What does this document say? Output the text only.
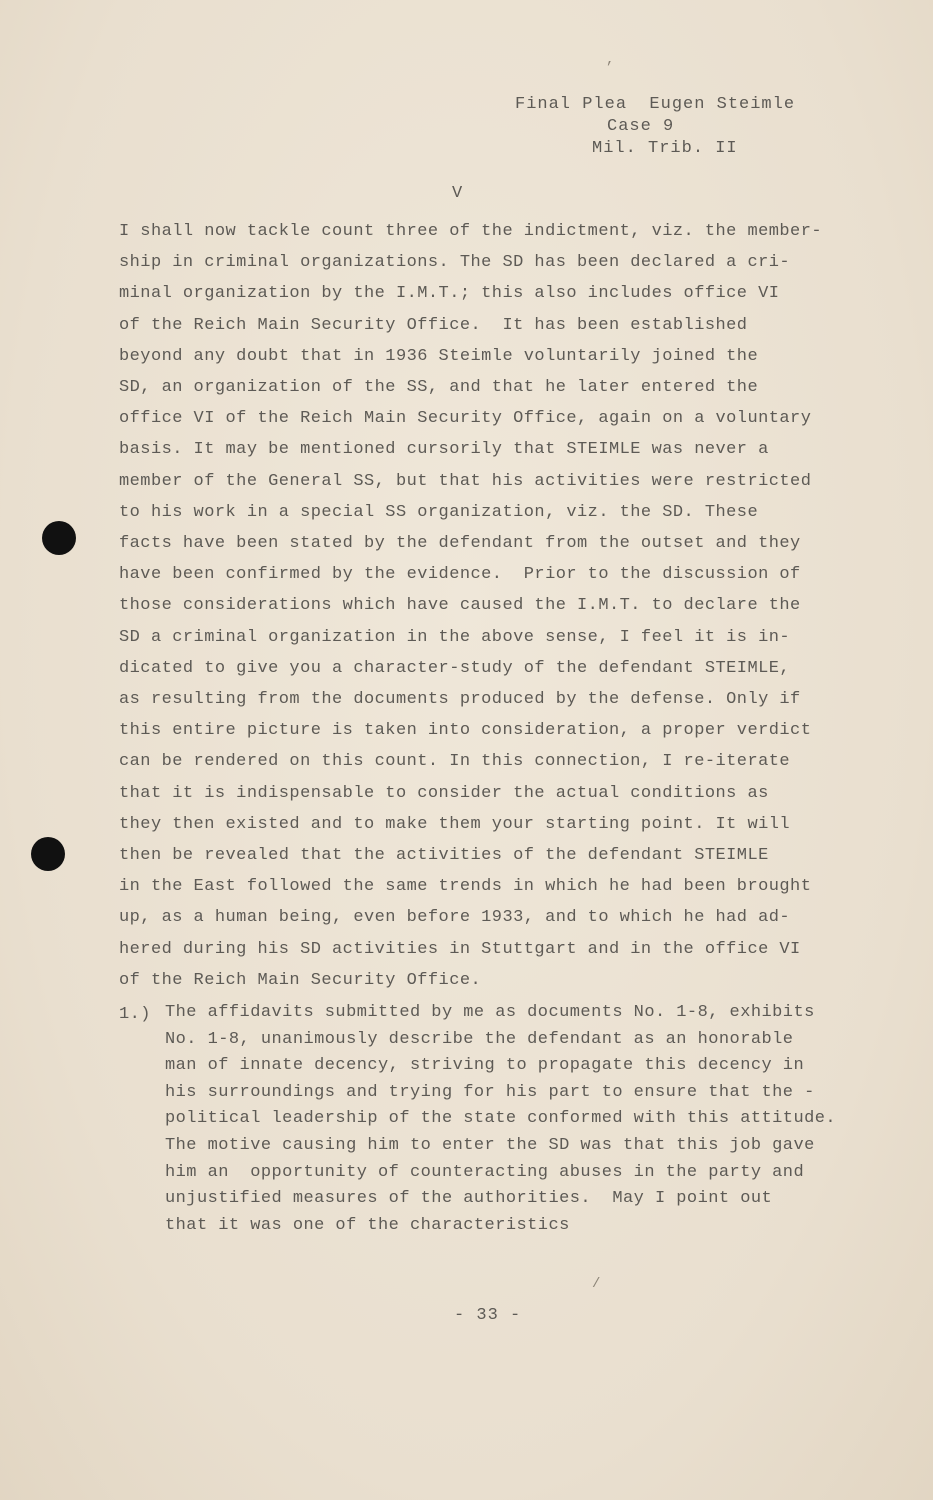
,
Final Plea  Eugen Steimle
Case 9
Mil. Trib. II
V
I shall now tackle count three of the indictment, viz. the member-
ship in criminal organizations. The SD has been declared a cri-
minal organization by the I.M.T.; this also includes office VI
of the Reich Main Security Office.  It has been established
beyond any doubt that in 1936 Steimle voluntarily joined the
SD, an organization of the SS, and that he later entered the
office VI of the Reich Main Security Office, again on a voluntary
basis. It may be mentioned cursorily that STEIMLE was never a
member of the General SS, but that his activities were restricted
to his work in a special SS organization, viz. the SD. These
facts have been stated by the defendant from the outset and they
have been confirmed by the evidence.  Prior to the discussion of
those considerations which have caused the I.M.T. to declare the
SD a criminal organization in the above sense, I feel it is in-
dicated to give you a character-study of the defendant STEIMLE,
as resulting from the documents produced by the defense. Only if
this entire picture is taken into consideration, a proper verdict
can be rendered on this count. In this connection, I re-iterate
that it is indispensable to consider the actual conditions as
they then existed and to make them your starting point. It will
then be revealed that the activities of the defendant STEIMLE
in the East followed the same trends in which he had been brought
up, as a human being, even before 1933, and to which he had ad-
hered during his SD activities in Stuttgart and in the office VI
of the Reich Main Security Office.
1.) The affidavits submitted by me as documents No. 1-8, exhibits
No. 1-8, unanimously describe the defendant as an honorable
man of innate decency, striving to propagate this decency in
his surroundings and trying for his part to ensure that the -
political leadership of the state conformed with this attitude.
The motive causing him to enter the SD was that this job gave
him an  opportunity of counteracting abuses in the party and
unjustified measures of the authorities.  May I point out
that it was one of the characteristics
/
- 33 -
